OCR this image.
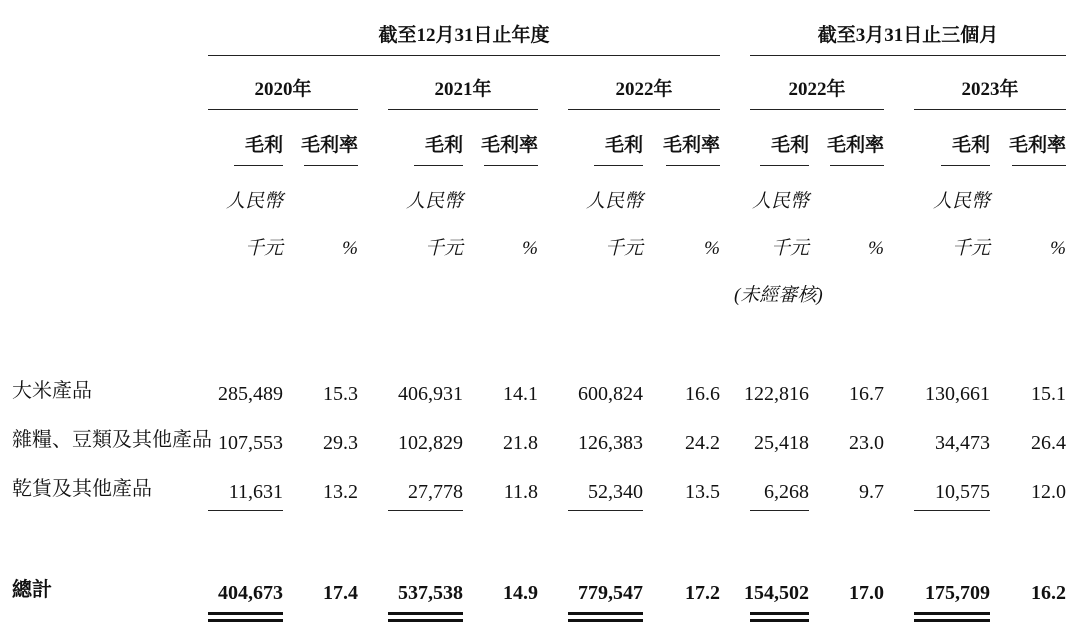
截至12月31日止年度	截至3月31日止三個月
2020年	2021年	2022年	2022年	2023年
毛利 毛利率	毛利 毛利率	毛利 毛利率	毛利 毛利率	毛利 毛利率
人民幣	人民幣	人民幣	人民幣	人民幣
千元	%	千元	%	千元	%	千元	%	千元	%
(未經審核)
大米產品	285,489	15.3	406,931	14.1	600,824	16.6	122,816	16.7	130,661	15.1
雜糧、豆類及其他產品 107,553	29.3	102,829	21.8	126,383	24.2	25,418	23.0	34,473	26.4
乾貨及其他產品	11,631	13.2	27,778	11.8	52,340	13.5	6,268	9.7	10,575	12.0
總計	404,673	17.4	537,538	14.9	779,547	17.2	154,502	17.0	175,709	16.2
